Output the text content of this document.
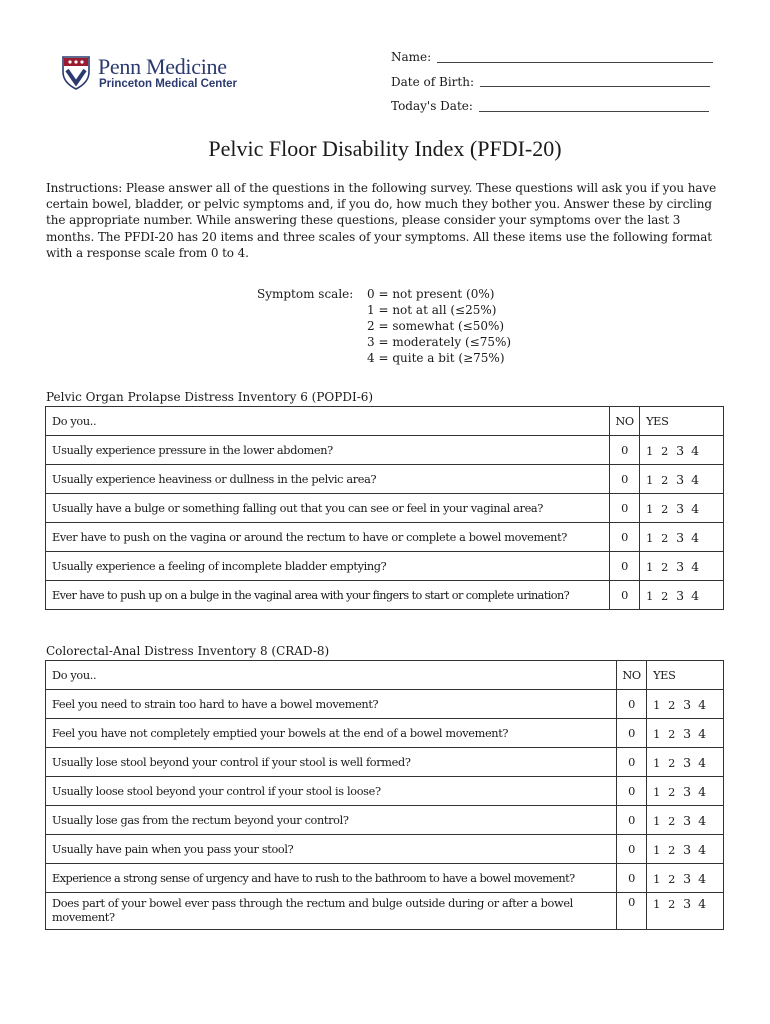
Penn Medicine
Princeton Medical Center
Name:
Date of Birth:
Today's Date:
Pelvic Floor Disability Index (PFDI-20)
Instructions: Please answer all of the questions in the following survey. These questions will ask you if you have certain bowel, bladder, or pelvic symptoms and, if you do, how much they bother you. Answer these by circling the appropriate number. While answering these questions, please consider your symptoms over the last 3 months. The PFDI-20 has 20 items and three scales of your symptoms. All these items use the following format with a response scale from 0 to 4.
Symptom scale: 0 = not present (0%)
1 = not at all (≤25%)
2 = somewhat (≤50%)
3 = moderately (≤75%)
4 = quite a bit (≥75%)
Pelvic Organ Prolapse Distress Inventory 6 (POPDI-6)
Do you..	NO	YES
Usually experience pressure in the lower abdomen?	0	1 2 3 4
Usually experience heaviness or dullness in the pelvic area?	0	1 2 3 4
Usually have a bulge or something falling out that you can see or feel in your vaginal area?	0	1 2 3 4
Ever have to push on the vagina or around the rectum to have or complete a bowel movement?	0	1 2 3 4
Usually experience a feeling of incomplete bladder emptying?	0	1 2 3 4
Ever have to push up on a bulge in the vaginal area with your fingers to start or complete urination?	0	1 2 3 4
Colorectal-Anal Distress Inventory 8 (CRAD-8)
Do you..	NO	YES
Feel you need to strain too hard to have a bowel movement?	0	1 2 3 4
Feel you have not completely emptied your bowels at the end of a bowel movement?	0	1 2 3 4
Usually lose stool beyond your control if your stool is well formed?	0	1 2 3 4
Usually loose stool beyond your control if your stool is loose?	0	1 2 3 4
Usually lose gas from the rectum beyond your control?	0	1 2 3 4
Usually have pain when you pass your stool?	0	1 2 3 4
Experience a strong sense of urgency and have to rush to the bathroom to have a bowel movement?	0	1 2 3 4
Does part of your bowel ever pass through the rectum and bulge outside during or after a bowel movement?	0	1 2 3 4
